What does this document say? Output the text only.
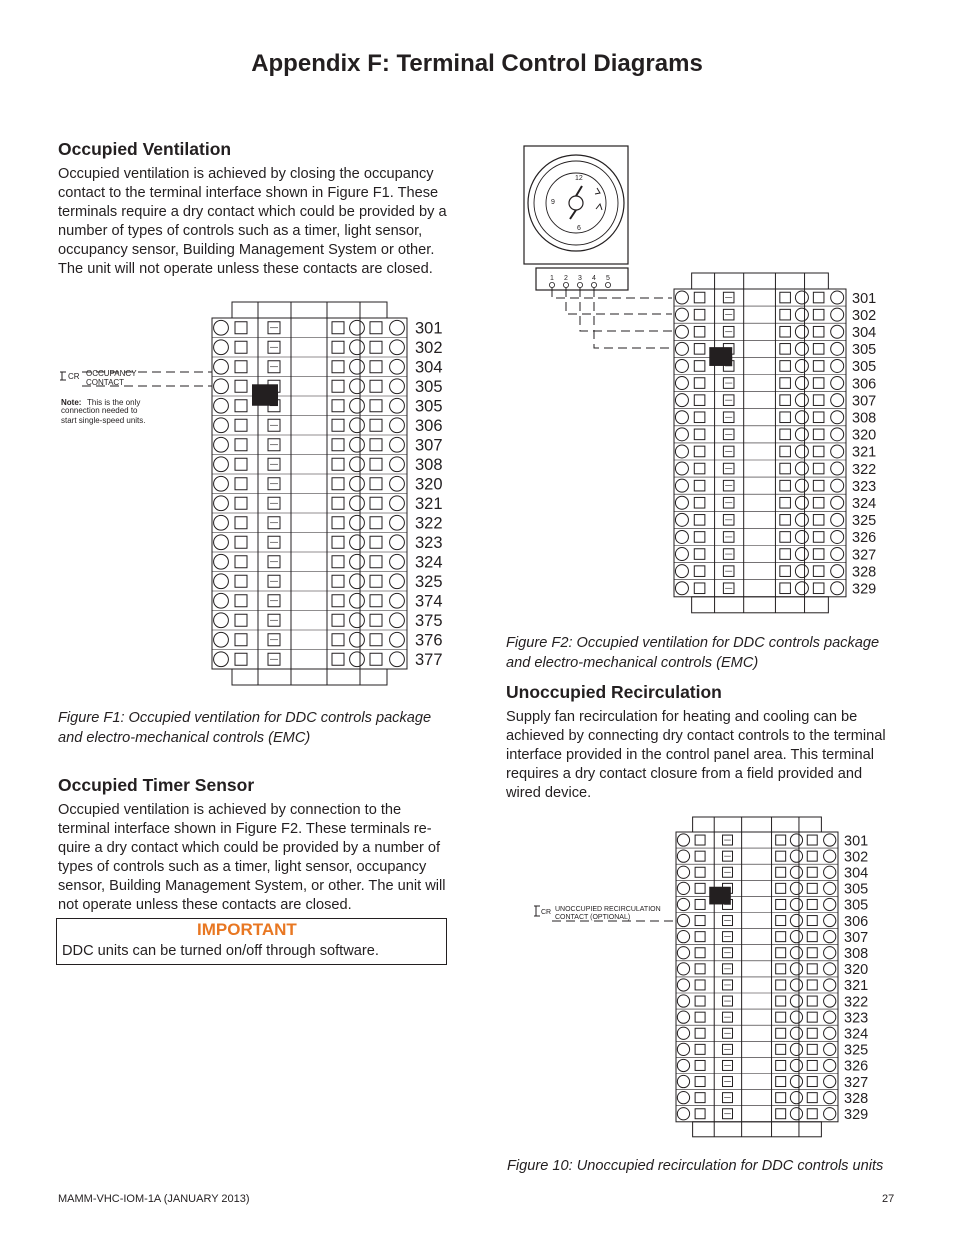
Appendix F: Terminal Control Diagrams
Occupied Ventilation
Occupied ventilation is achieved by closing the occupancy contact to the terminal interface shown in Figure F1. These terminals require a dry contact which could be provided by a number of types of controls such as a timer, light sensor, occupancy sensor, Building Management System or other. The unit will not operate unless these contacts are closed.
Figure F1: Occupied ventilation for DDC controls package and electro-mechanical controls (EMC)
Occupied Timer Sensor
Occupied ventilation is achieved by connection to the terminal interface shown in Figure F2. These terminals re-quire a dry contact which could be provided by a number of types of controls such as a timer, light sensor, occupancy sensor, Building Management System, or other. The unit will not operate unless these contacts are closed.
IMPORTANT
DDC units can be turned on/off through software.
Figure F2: Occupied ventilation for DDC controls package and electro-mechanical controls (EMC)
Unoccupied Recirculation
Supply fan recirculation for heating and cooling can be achieved by connecting dry contact controls to the terminal interface provided in the control panel area. This terminal requires a dry contact closure from a field provided and wired device.
Figure 10: Unoccupied recirculation for DDC controls units
MAMM-VHC-IOM-1A (JANUARY 2013)	27
301
302
304
305
305
306
307
308
320
321
322
323
324
325
374
375
376
377
301
302
304
305
305
306
307
308
320
321
322
323
324
325
326
327
328
329
301
302
304
305
305
306
307
308
320
321
322
323
324
325
326
327
328
329
CR OCCUPANCY
CONTACT
Note: This is the only
connection needed to
start single-speed units.
12
9
6
1 2 3 4 5
CR UNOCCUPIED RECIRCULATION
CONTACT (OPTIONAL)
